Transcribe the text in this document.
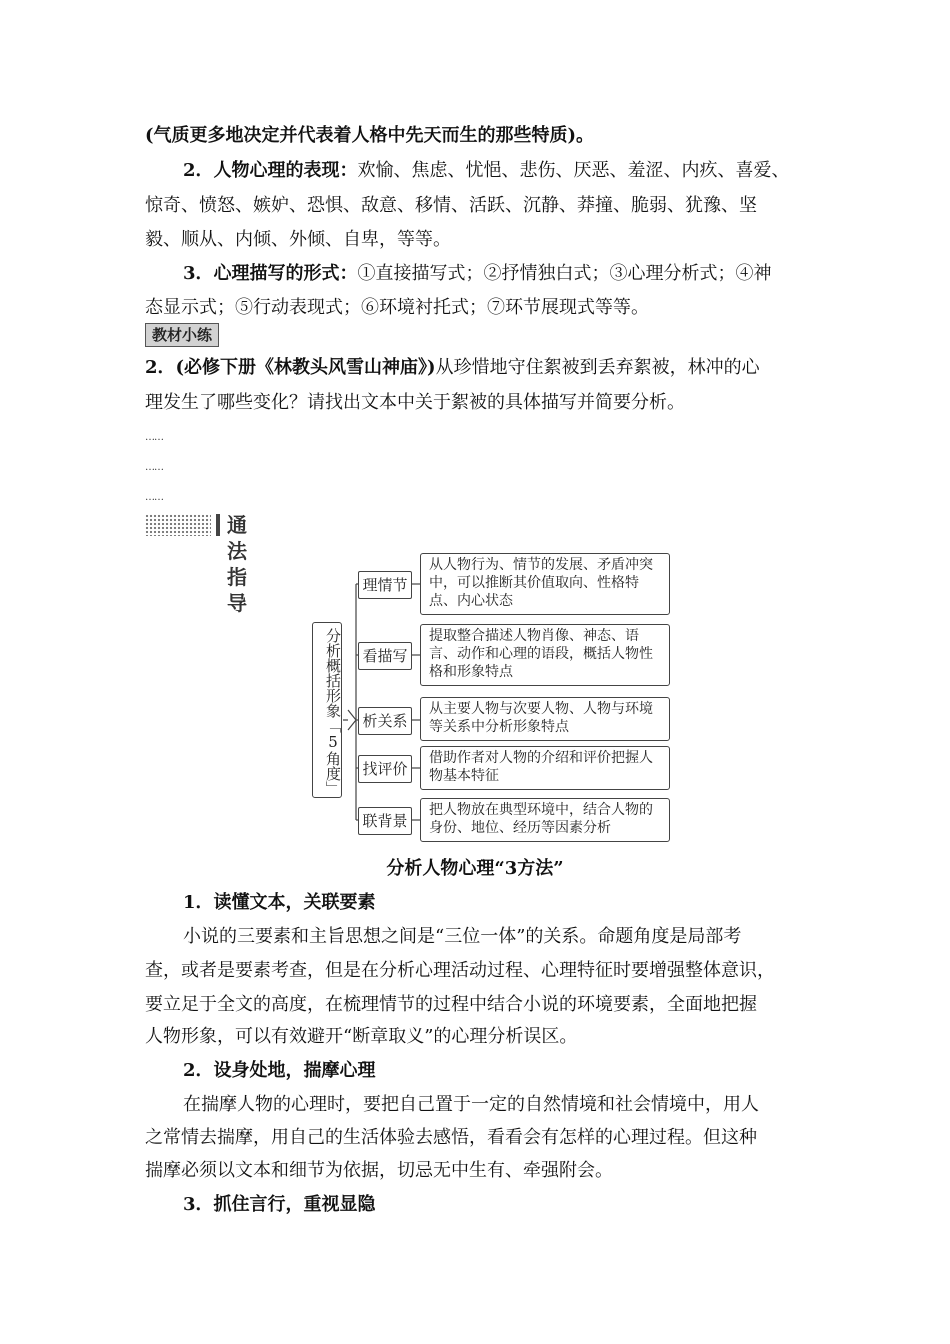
(气质更多地决定并代表着人格中先天而生的那些特质)。
2．人物心理的表现：欢愉、焦虑、忧悒、悲伤、厌恶、羞涩、内疚、喜爱、
惊奇、愤怒、嫉妒、恐惧、敌意、移情、活跃、沉静、莽撞、脆弱、犹豫、坚
毅、顺从、内倾、外倾、自卑，等等。
3．心理描写的形式：①直接描写式；②抒情独白式；③心理分析式；④神
态显示式；⑤行动表现式；⑥环境衬托式；⑦环节展现式等等。
教材小练
2．(必修下册《林教头风雪山神庙》)从珍惜地守住絮被到丢弃絮被，林冲的心
理发生了哪些变化？请找出文本中关于絮被的具体描写并简要分析。
……
……
……
通法指导
分析概括形象「5角度」
理情节
从人物行为、情节的发展、矛盾冲突中，可以推断其价值取向、性格特点、内心状态
看描写
提取整合描述人物肖像、神态、语言、动作和心理的语段，概括人物性格和形象特点
析关系
从主要人物与次要人物、人物与环境等关系中分析形象特点
找评价
借助作者对人物的介绍和评价把握人物基本特征
联背景
把人物放在典型环境中，结合人物的身份、地位、经历等因素分析
分析人物心理“3方法”
1．读懂文本，关联要素
小说的三要素和主旨思想之间是“三位一体”的关系。命题角度是局部考
查，或者是要素考查，但是在分析心理活动过程、心理特征时要增强整体意识，
要立足于全文的高度，在梳理情节的过程中结合小说的环境要素，全面地把握
人物形象，可以有效避开“断章取义”的心理分析误区。
2．设身处地，揣摩心理
在揣摩人物的心理时，要把自己置于一定的自然情境和社会情境中，用人
之常情去揣摩，用自己的生活体验去感悟，看看会有怎样的心理过程。但这种
揣摩必须以文本和细节为依据，切忌无中生有、牵强附会。
3．抓住言行，重视显隐
